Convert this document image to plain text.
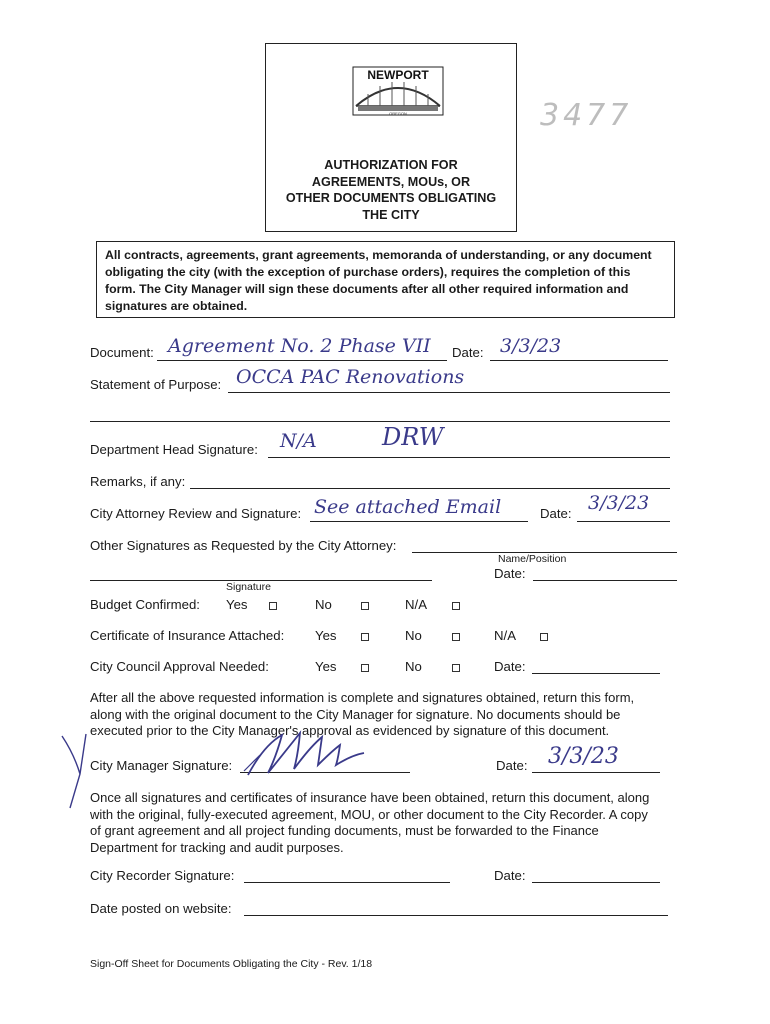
NEWPORT
OREGON
AUTHORIZATION FOR
AGREEMENTS, MOUs, OR
OTHER DOCUMENTS OBLIGATING
THE CITY
3477
All contracts, agreements, grant agreements, memoranda of understanding, or any document
obligating the city (with the exception of purchase orders), requires the completion of this
form. The City Manager will sign these documents after all other required information and
signatures are obtained.
Document: Agreement No. 2 Phase VII Date: 3/3/23
Statement of Purpose: OCCA PAC Renovations
Department Head Signature: N/A	DRW
Remarks, if any:
City Attorney Review and Signature: See attached Email	Date: 3/3/23
Other Signatures as Requested by the City Attorney:
Name/Position
Date:
Signature
Budget Confirmed: Yes	No	N/A
Certificate of Insurance Attached: Yes	No	N/A
City Council Approval Needed:	Yes	No	Date:
After all the above requested information is complete and signatures obtained, return this form,
along with the original document to the City Manager for signature. No documents should be
executed prior to the City Manager's approval as evidenced by signature of this document.
City Manager Signature:	Date: 3/3/23
Once all signatures and certificates of insurance have been obtained, return this document, along
with the original, fully-executed agreement, MOU, or other document to the City Recorder. A copy
of grant agreement and all project funding documents, must be forwarded to the Finance
Department for tracking and audit purposes.
City Recorder Signature:	Date:
Date posted on website:
Sign-Off Sheet for Documents Obligating the City - Rev. 1/18
